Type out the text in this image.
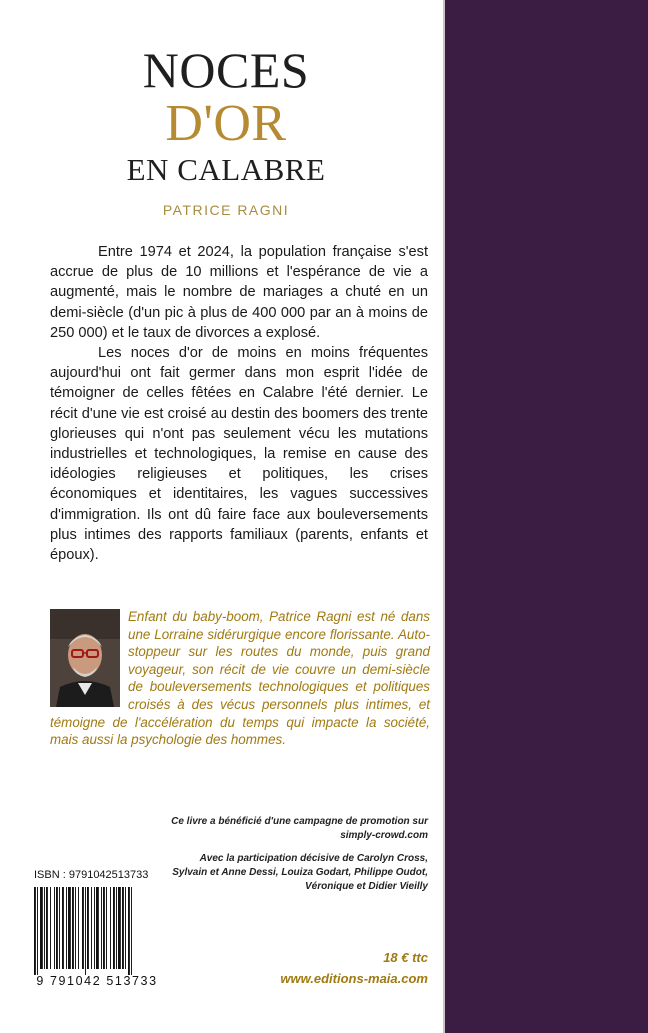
NOCES
D'OR
EN CALABRE
PATRICE RAGNI

Entre 1974 et 2024, la population française s'est accrue de plus de 10 millions et l'espérance de vie a augmenté, mais le nombre de mariages a chuté en un demi-siècle (d'un pic à plus de 400 000 par an à moins de 250 000) et le taux de divorces a explosé.

Les noces d'or de moins en moins fréquentes aujourd'hui ont fait germer dans mon esprit l'idée de témoigner de celles fêtées en Calabre l'été dernier. Le récit d'une vie est croisé au destin des boomers des trente glorieuses qui n'ont pas seulement vécu les mutations industrielles et technologiques, la remise en cause des idéologies religieuses et politiques, les crises économiques et identitaires, les vagues successives d'immigration. Ils ont dû faire face aux bouleversements plus intimes des rapports familiaux (parents, enfants et époux).

Enfant du baby-boom, Patrice Ragni est né dans une Lorraine sidérurgique encore florissante. Auto-stoppeur sur les routes du monde, puis grand voyageur, son récit de vie couvre un demi-siècle de bouleversements technologiques et politiques croisés à des vécus personnels plus intimes, et témoigne de l'accélération du temps qui impacte la société, mais aussi la psychologie des hommes.
Ce livre a bénéficié d'une campagne de promotion sur simply-crowd.com
Avec la participation décisive de Carolyn Cross, Sylvain et Anne Dessi, Louiza Godart, Philippe Oudot, Véronique et Didier Vieilly
ISBN : 9791042513733
9 791042 513733
18 € ttc
www.editions-maia.com
